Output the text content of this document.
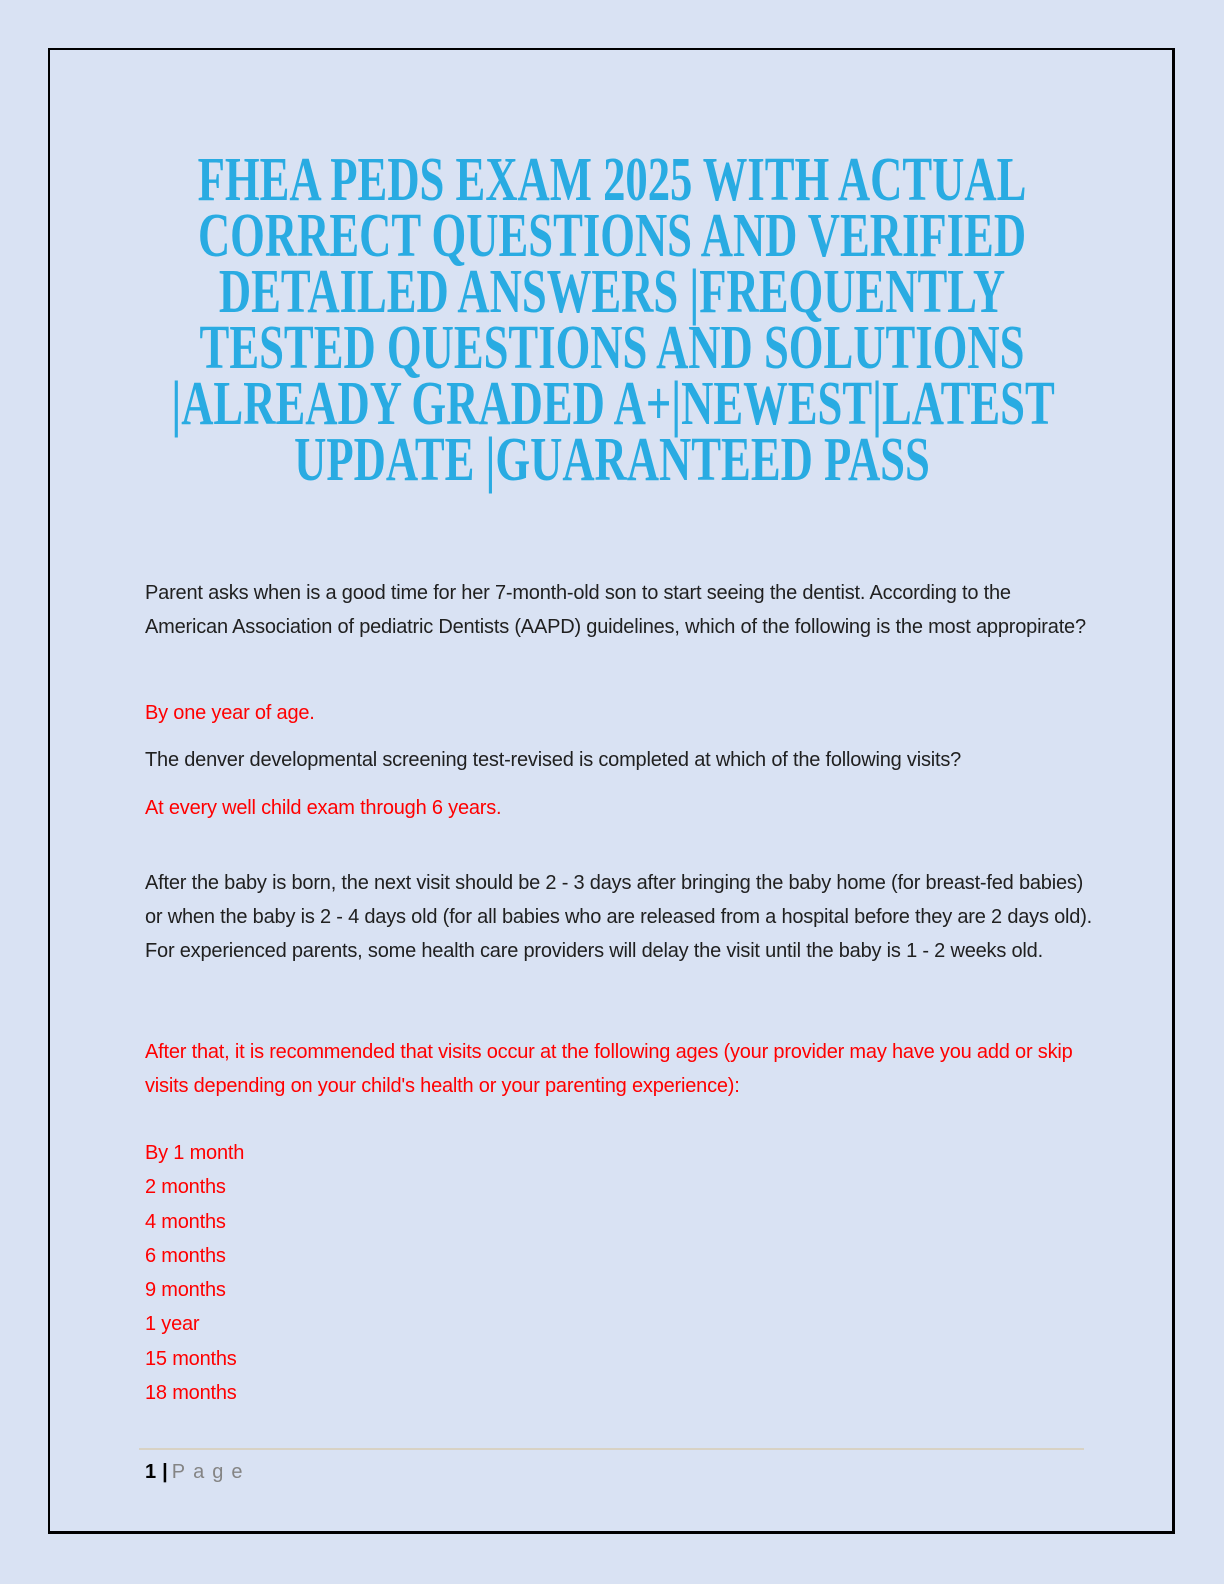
FHEA PEDS EXAM 2025 WITH ACTUAL
CORRECT QUESTIONS AND VERIFIED
DETAILED ANSWERS |FREQUENTLY
TESTED QUESTIONS AND SOLUTIONS
|ALREADY GRADED A+|NEWEST|LATEST
UPDATE |GUARANTEED PASS

Parent asks when is a good time for her 7-month-old son to start seeing the dentist. According to the American Association of pediatric Dentists (AAPD) guidelines, which of the following is the most appropirate?

By one year of age.

The denver developmental screening test-revised is completed at which of the following visits?

At every well child exam through 6 years.

After the baby is born, the next visit should be 2 - 3 days after bringing the baby home (for breast-fed babies) or when the baby is 2 - 4 days old (for all babies who are released from a hospital before they are 2 days old). For experienced parents, some health care providers will delay the visit until the baby is 1 - 2 weeks old.

After that, it is recommended that visits occur at the following ages (your provider may have you add or skip visits depending on your child's health or your parenting experience):

By 1 month
2 months
4 months
6 months
9 months
1 year
15 months
18 months
1 | Page
